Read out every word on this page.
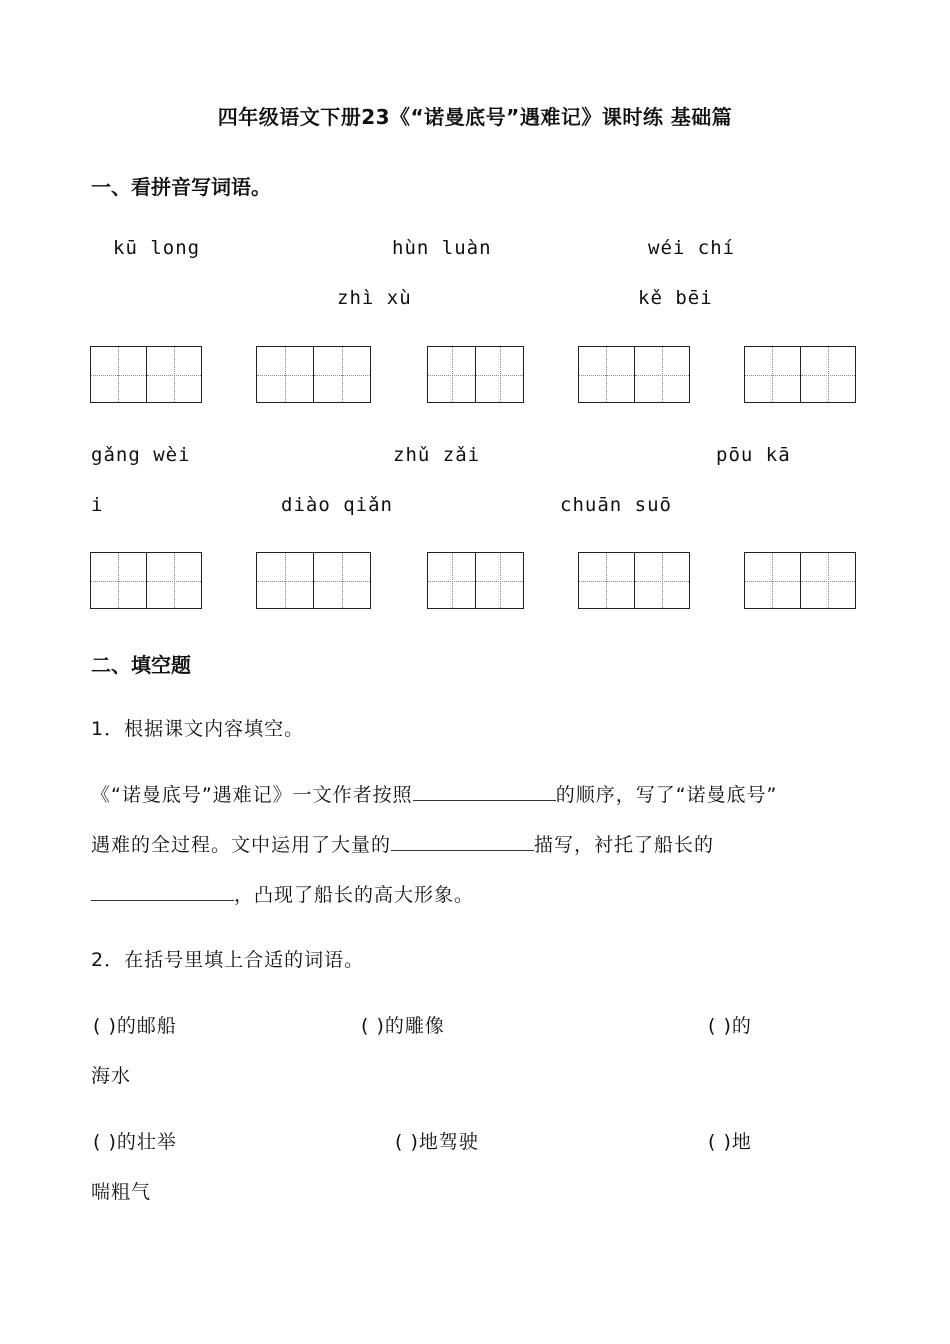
四年级语文下册23《“诺曼底号”遇难记》课时练 基础篇
一、看拼音写词语。
kū long	hùn luàn	wéi chí
zhì xù	kě bēi
gǎng wèi	zhǔ zǎi	pōu kā
i	diào qiǎn	chuān suō
二、填空题
1．根据课文内容填空。
《“诺曼底号”遇难记》一文作者按照	的顺序，写了“诺曼底号”
遇难的全过程。文中运用了大量的	描写，衬托了船长的
，凸现了船长的高大形象。
2．在括号里填上合适的词语。
( )的邮船	( )的雕像	( )的
海水
( )的壮举	( )地驾驶	( )地
喘粗气
